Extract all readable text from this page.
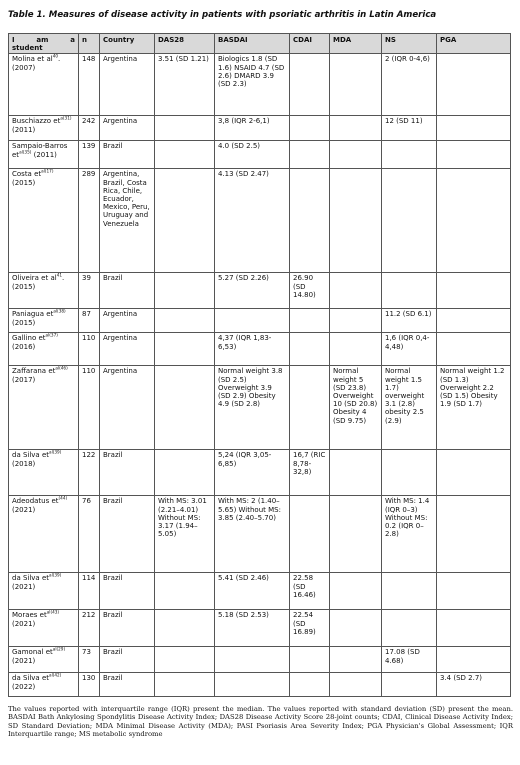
Table 1. Measures of disease activity in patients with psoriatic arthritis in Latin America
I am a
student	n	Country	DAS28	BASDAI	CDAI	MDA	NS	PGA
Molina et $al^{40}$. (2007)	148	Argentina	3.51 (SD 1.21)	Biologics 1.8 (SD 1.6) NSAID 4.7 (SD 2.6) DMARD 3.9 (SD 2.3)			2 (IQR 0-4,6)	
Buschiazzo $et^{a(31)}$ (2011)	242	Argentina		3,8 (IQR 2-6,1)			12 (SD 11)	
Sampaio-Barros $et^{al(35)}$ (2011)	139	Brazil		4.0 (SD 2.5)				
Costa $et^{al(17)}$ (2015)	289	Argentina, Brazil, Costa Rica, Chile, Ecuador, Mexico, Peru, Uruguay and Venezuela		4.13 (SD 2.47)				
Oliveira et $al^{41}$. (2015)	39	Brazil		5.27 (SD 2.26)	26.90 (SD 14.80)			
Paniagua $et^{al(38)}$ (2015)	87	Argentina					11.2 (SD 6.1)	
Gallino $et^{al(37)}$ (2016)	110	Argentina		4,37 (IQR 1,83-6,53)			1,6 (IQR 0,4-4,48)	
Zaffarana $et^{al(46)}$ (2017)	110	Argentina		Normal weight 3.8 (SD 2.5) Overweight 3.9 (SD 2.9) Obesity 4.9 (SD 2.8)		Normal weight 5 (SD 23.8) Overweight 10 (SD 20.8) Obesity 4 (SD 9.75)	Normal weight 1.5 1.7) overweight 3.1 (2.8) obesity 2.5 (2.9)	Normal weight 1.2 (SD 1.3) Overweight 2.2 (SD 1.5) Obesity 1.9 (SD 1.7)
da Silva $et^{al(39)}$ (2018)	122	Brazil		5,24 (IQR 3,05-6,85)	16,7 (RIC 8,78-32,8)			
Adeodatus $et^{(44)}$ (2021)	76	Brazil	With MS: 3.01 (2.21–4.01) Without MS: 3.17 (1.94–5.05)	With MS: 2 (1.40–5.65) Without MS: 3.85 (2.40–5.70)			With MS: 1.4 (IQR 0–3) Without MS: 0.2 (IQR 0–2.8)	
da Silva $et^{al(39)}$ (2021)	114	Brazil		5.41 (SD 2.46)	22.58 (SD 16.46)			
Moraes $et^{al(43)}$ (2021)	212	Brazil		5.18 (SD 2.53)	22.54 (SD 16.89)			
Gamonal $et^{al(29)}$ (2021)	73	Brazil					17.08 (SD 4.68)	
da Silva $et^{al(42)}$ (2022)	130	Brazil						3.4 (SD 2.7)

The values reported with interquartile range (IQR) present the median. The values reported with standard deviation (SD) present the mean. BASDAI Bath Ankylosing Spondylitis Disease Activity Index; DAS28 Disease Activity Score 28-joint counts; CDAI, Clinical Disease Activity Index; SD Standard Deviation; MDA Minimal Disease Activity (MDA); PASI Psoriasis Area Severity Index; PGA Physician's Global Assessment; IQR Interquartile range; MS metabolic syndrome
